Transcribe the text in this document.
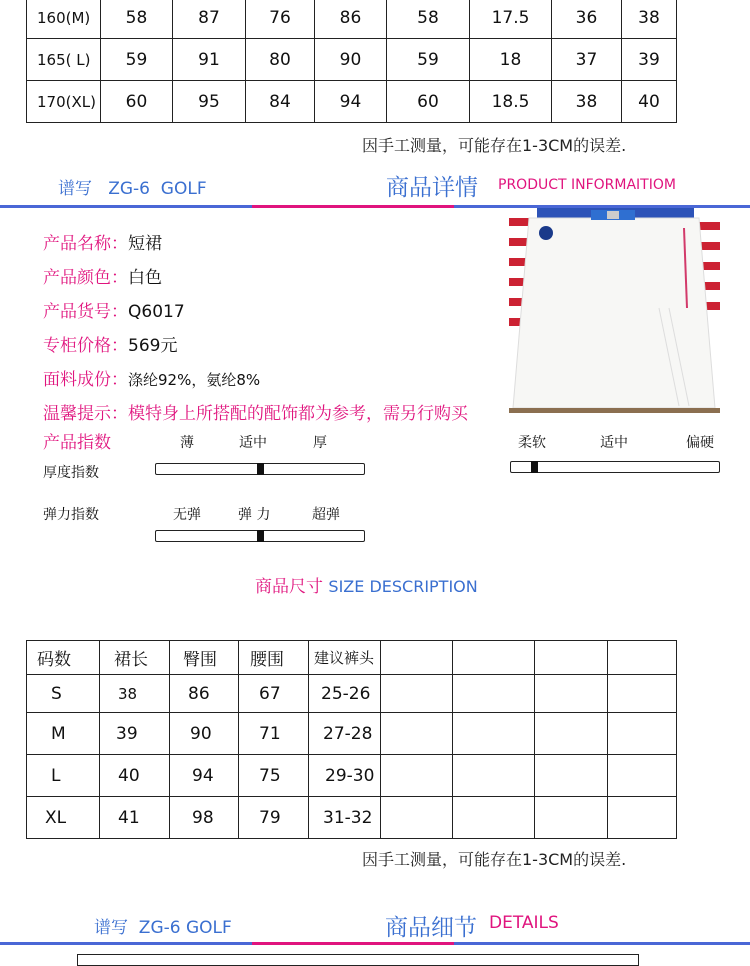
160(M)	58	87	76	86	58	17.5	36	38
165( L)	59	91	80	90	59	18	37	39
170(XL)	60	95	84	94	60	18.5	38	40
因手工测量，可能存在1-3CM的误差.
谱写   ZG-6  GOLF	商品详情 PRODUCT INFORMAITIOM
产品名称：短裙
产品颜色：白色
产品货号：Q6017
专柜价格：569元
面料成份：涤纶92%，氨纶8%
温馨提示：模特身上所搭配的配饰都为参考，需另行购买
产品指数	薄	适中	厚
厚度指数
无弹	弹 力	超弹
弹力指数
柔软	适中	偏硬
商品尺寸 SIZE DESCRIPTION
码数	裙长	臀围	腰围	建议裤头				
S	38	86	67	25-26				
M	39	90	71	27-28				
L	40	94	75	29-30				
XL	41	98	79	31-32				
因手工测量，可能存在1-3CM的误差.
谱写  ZG-6 GOLF	商品细节 DETAILS
